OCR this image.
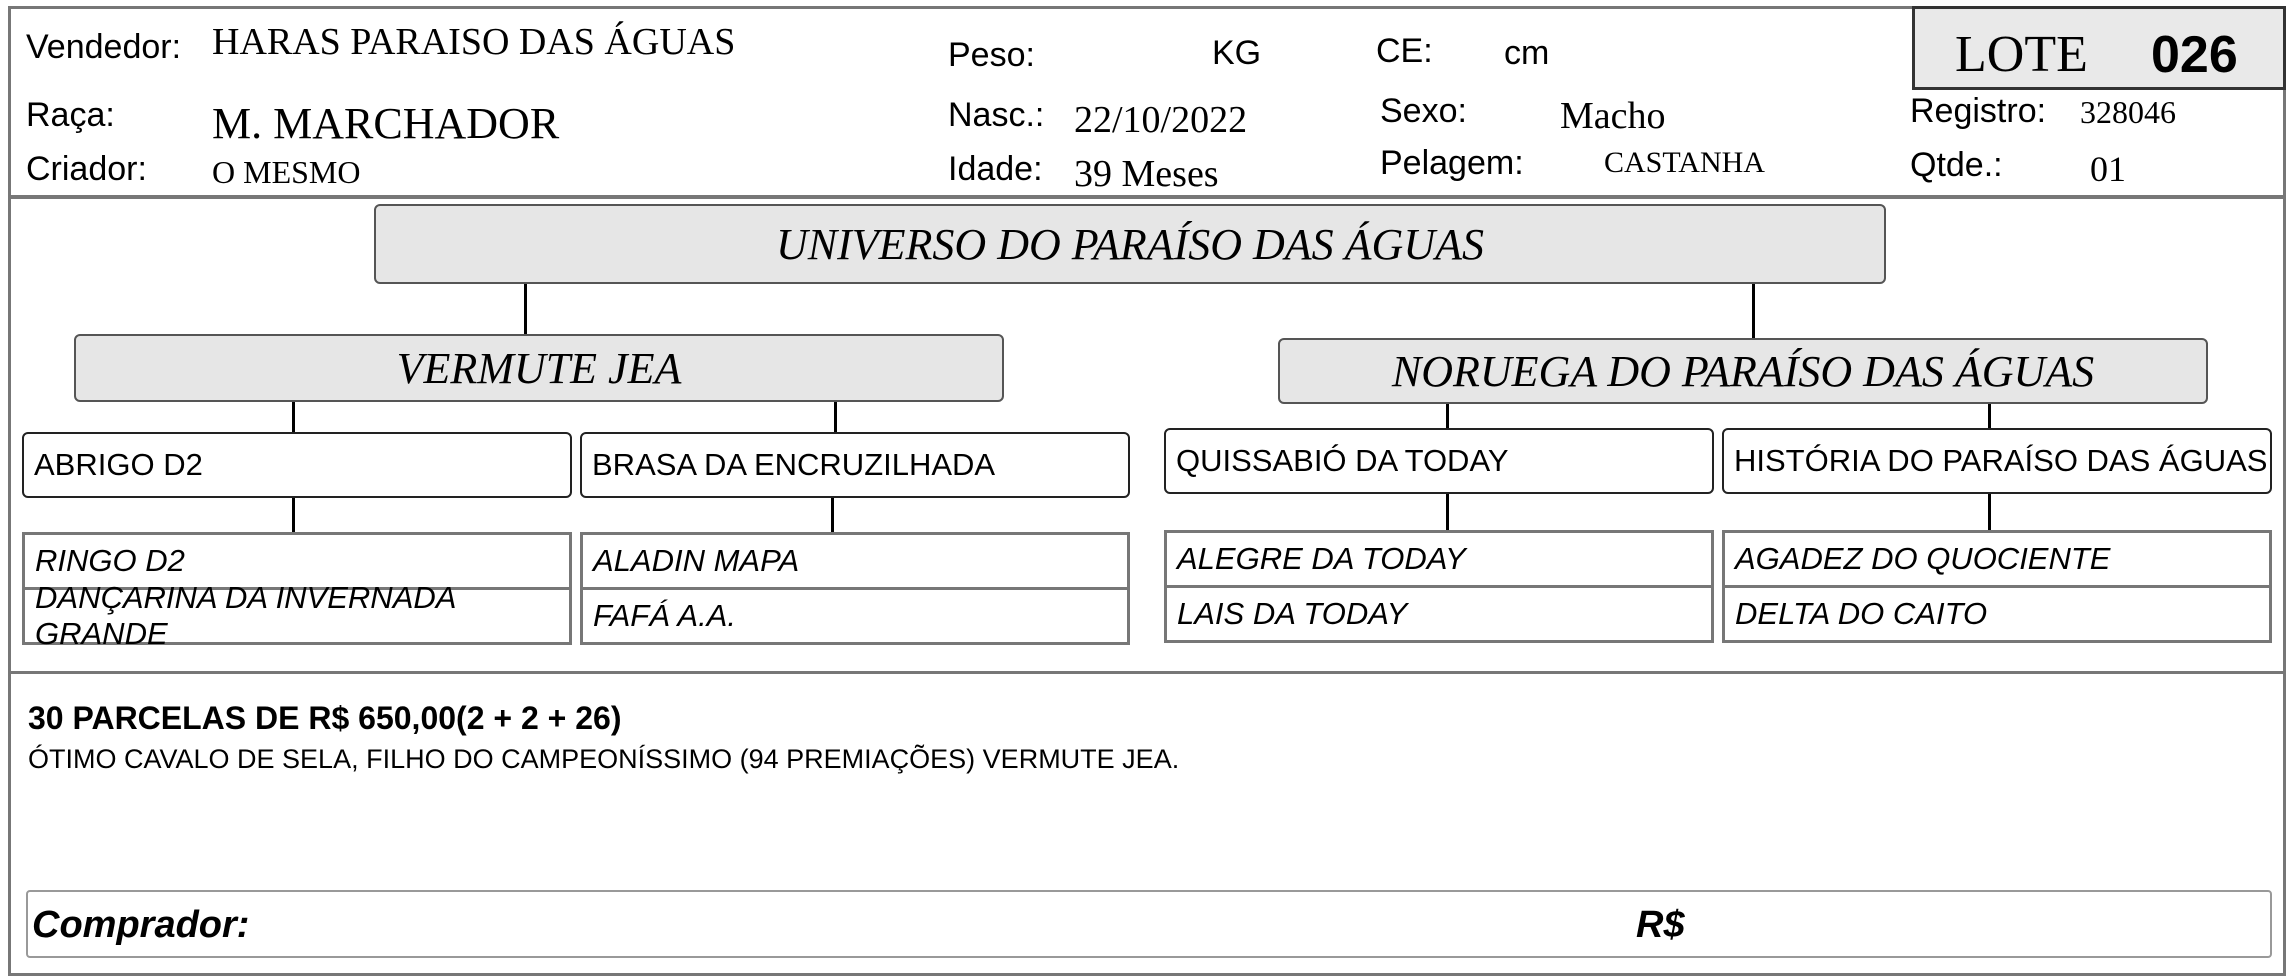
Vendedor: HARAS PARAISO DAS ÁGUAS
Raça: M. MARCHADOR
Criador: O MESMO
Peso:	KG
Nasc.: 22/10/2022
Idade: 39 Meses
CE: cm
Sexo: Macho
Pelagem:	CASTANHA
LOTE 026
Registro: 328046
Qtde.: 01
UNIVERSO DO PARAÍSO DAS ÁGUAS
VERMUTE JEA	NORUEGA DO PARAÍSO DAS ÁGUAS
ABRIGO D2	BRASA DA ENCRUZILHADA	QUISSABIÓ DA TODAY	HISTÓRIA DO PARAÍSO DAS ÁGUAS
RINGO D2
DANÇARINA DA INVERNADA GRANDE
ALADIN MAPA
FAFÁ A.A.
ALEGRE DA TODAY
LAIS DA TODAY
AGADEZ DO QUOCIENTE
DELTA DO CAITO
30 PARCELAS DE R$ 650,00(2 + 2 + 26)
ÓTIMO CAVALO DE SELA, FILHO DO CAMPEONÍSSIMO (94 PREMIAÇÕES) VERMUTE JEA.
Comprador:	R$
